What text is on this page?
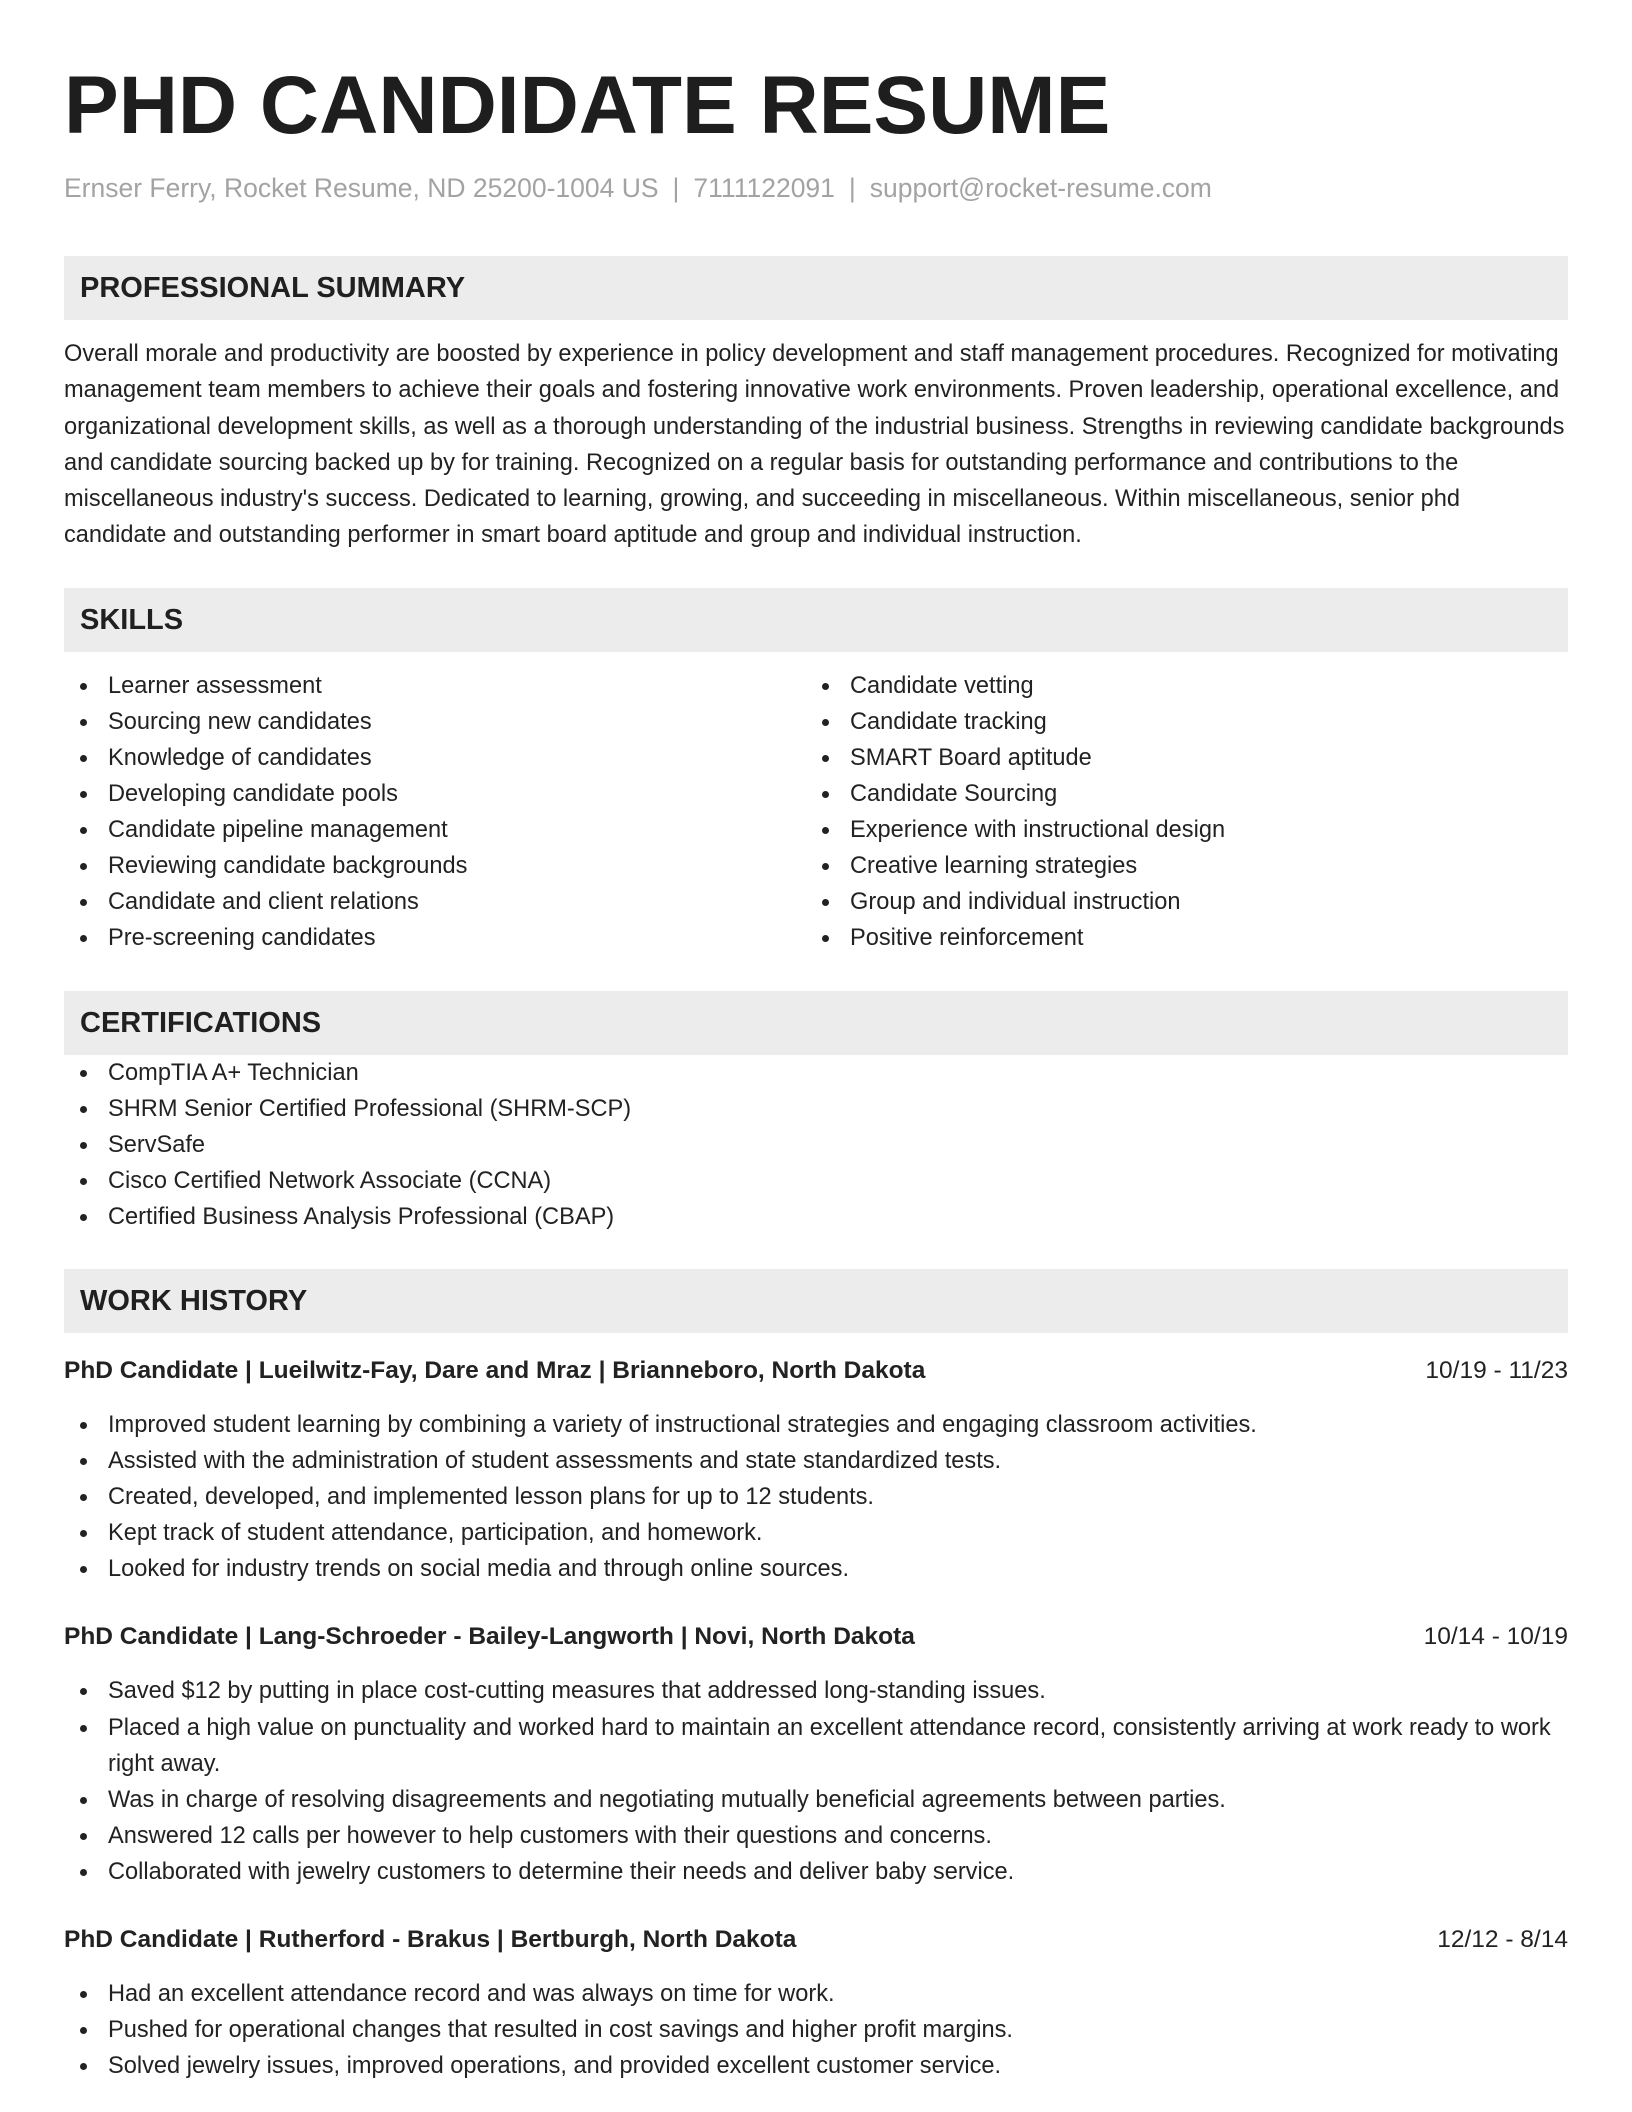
PHD CANDIDATE RESUME
Ernser Ferry, Rocket Resume, ND 25200-1004 US | 7111122091 | support@rocket-resume.com
PROFESSIONAL SUMMARY

Overall morale and productivity are boosted by experience in policy development and staff management procedures. Recognized for motivating management team members to achieve their goals and fostering innovative work environments. Proven leadership, operational excellence, and organizational development skills, as well as a thorough understanding of the industrial business. Strengths in reviewing candidate backgrounds and candidate sourcing backed up by for training. Recognized on a regular basis for outstanding performance and contributions to the miscellaneous industry's success. Dedicated to learning, growing, and succeeding in miscellaneous. Within miscellaneous, senior phd candidate and outstanding performer in smart board aptitude and group and individual instruction.

SKILLS
Learner assessment
Sourcing new candidates
Knowledge of candidates
Developing candidate pools
Candidate pipeline management
Reviewing candidate backgrounds
Candidate and client relations
Pre-screening candidates
Candidate vetting
Candidate tracking
SMART Board aptitude
Candidate Sourcing
Experience with instructional design
Creative learning strategies
Group and individual instruction
Positive reinforcement
CERTIFICATIONS
CompTIA A+ Technician
SHRM Senior Certified Professional (SHRM-SCP)
ServSafe
Cisco Certified Network Associate (CCNA)
Certified Business Analysis Professional (CBAP)
WORK HISTORY
PhD Candidate | Lueilwitz-Fay, Dare and Mraz | Brianneboro, North Dakota	10/19 - 11/23
Improved student learning by combining a variety of instructional strategies and engaging classroom activities.
Assisted with the administration of student assessments and state standardized tests.
Created, developed, and implemented lesson plans for up to 12 students.
Kept track of student attendance, participation, and homework.
Looked for industry trends on social media and through online sources.
PhD Candidate | Lang-Schroeder - Bailey-Langworth | Novi, North Dakota	10/14 - 10/19
Saved $12 by putting in place cost-cutting measures that addressed long-standing issues.
Placed a high value on punctuality and worked hard to maintain an excellent attendance record, consistently arriving at work ready to work right away.
Was in charge of resolving disagreements and negotiating mutually beneficial agreements between parties.
Answered 12 calls per however to help customers with their questions and concerns.
Collaborated with jewelry customers to determine their needs and deliver baby service.
PhD Candidate | Rutherford - Brakus | Bertburgh, North Dakota	12/12 - 8/14
Had an excellent attendance record and was always on time for work.
Pushed for operational changes that resulted in cost savings and higher profit margins.
Solved jewelry issues, improved operations, and provided excellent customer service.
